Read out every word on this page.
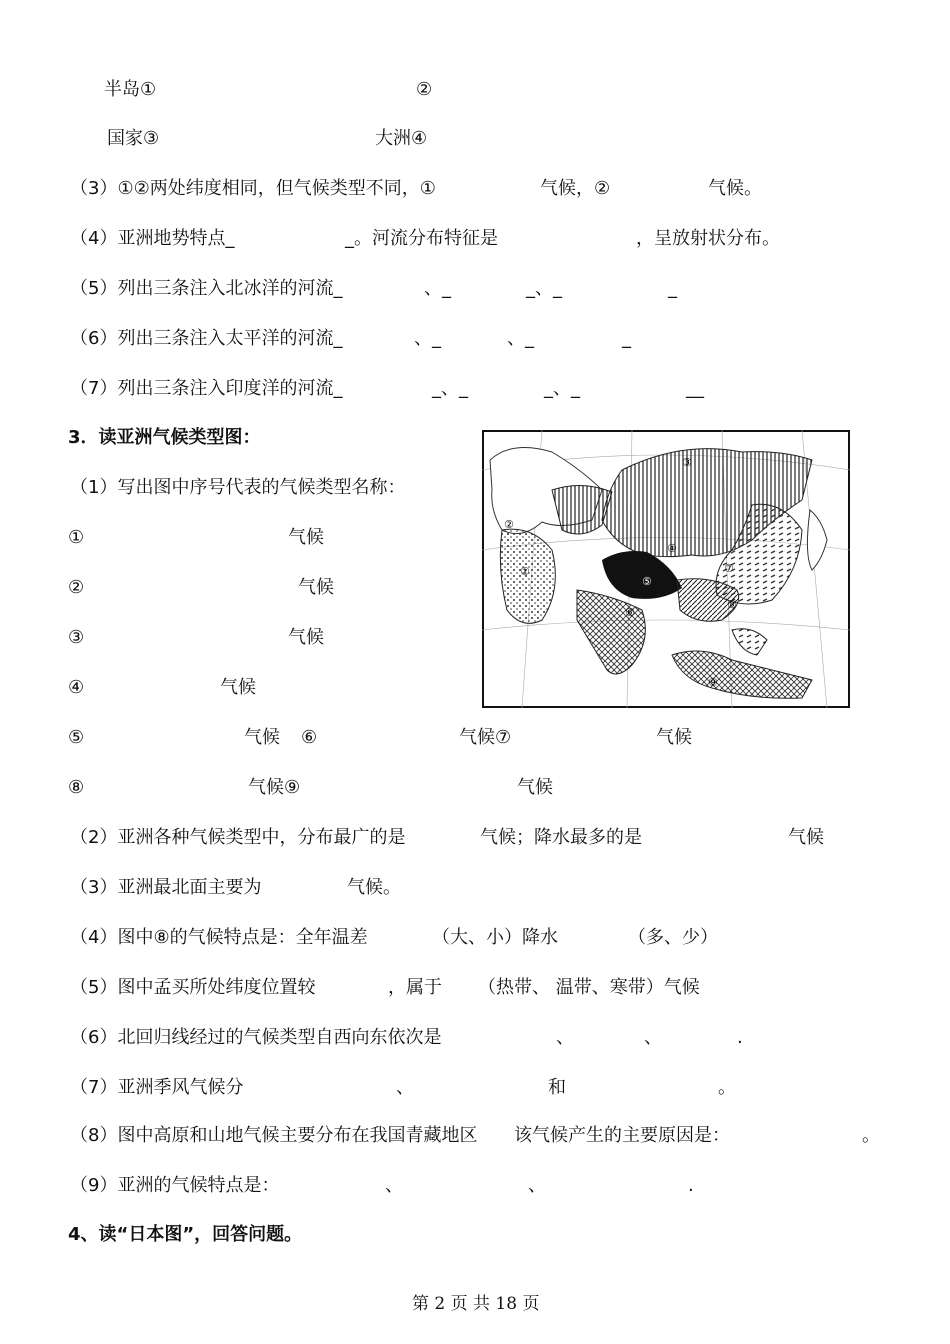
半岛①	②
国家③	大洲④
（3）①②两处纬度相同，但气候类型不同，①	气候，②	气候。
（4）亚洲地势特点_	_。河流分布特征是	，呈放射状分布。
（5）列出三条注入北冰洋的河流_	、_	_、_	_
（6）列出三条注入太平洋的河流_	、_	、_	_
（7）列出三条注入印度洋的河流_	_、_	_、_	__
3．读亚洲气候类型图：
（1）写出图中序号代表的气候类型名称：
①	气候
②	气候
③	气候
④	气候
⑤	气候 ⑥	气候⑦	气候
⑧	气候⑨	气候
（2）亚洲各种气候类型中，分布最广的是	气候；降水最多的是	气候
（3）亚洲最北面主要为	气候。
（4）图中⑧的气候特点是：全年温差	（大、小）降水	（多、少）
（5）图中孟买所处纬度位置较	，属于 （热带、 温带、寒带）气候
（6）北回归线经过的气候类型自西向东依次是	、	、	.
（7）亚洲季风气候分	、	和	。
（8）图中高原和山地气候主要分布在我国青藏地区 该气候产生的主要原因是：	。
（9）亚洲的气候特点是：	、	、	.
4、读“日本图”，回答问题。
①
②
③
④
⑤
⑥
⑦
⑧
⑨
第 2 页 共 18 页
